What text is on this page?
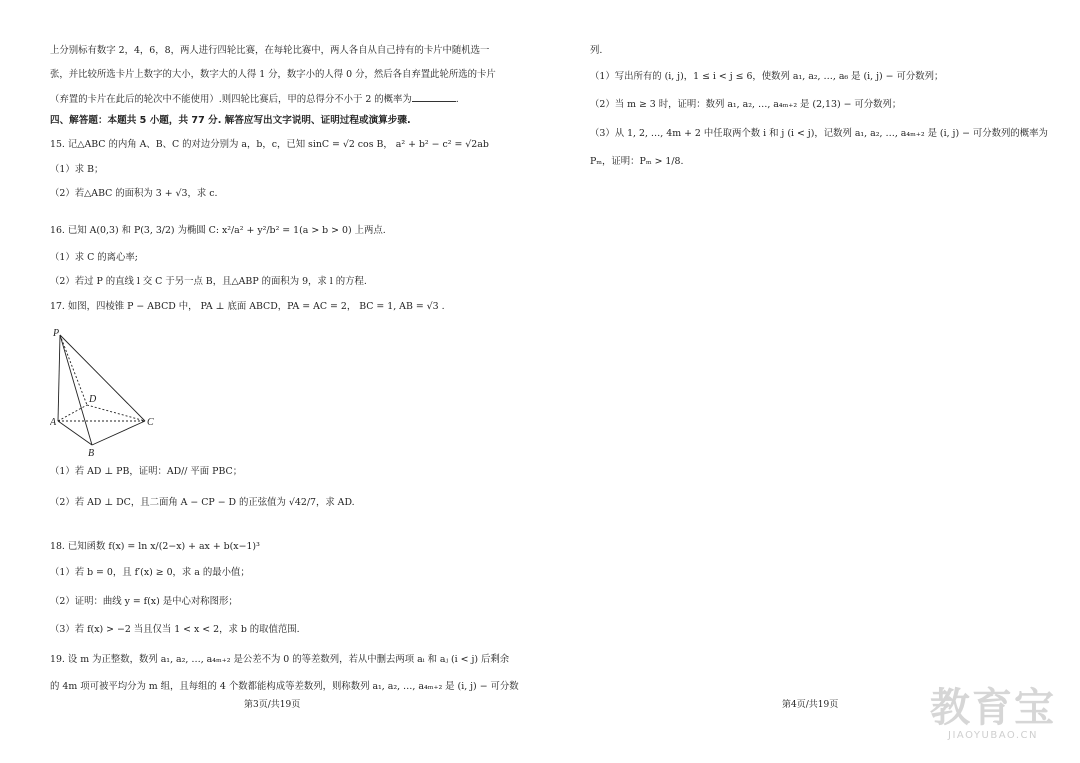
上分别标有数字 2，4，6，8，两人进行四轮比赛，在每轮比赛中，两人各自从自己持有的卡片中随机选一
张，并比较所选卡片上数字的大小，数字大的人得 1 分，数字小的人得 0 分，然后各自弃置此轮所选的卡片
（弃置的卡片在此后的轮次中不能使用）.则四轮比赛后，甲的总得分不小于 2 的概率为	.
四、解答题：本题共 5 小题，共 77 分. 解答应写出文字说明、证明过程或演算步骤.
15. 记△ABC 的内角 A、B、C 的对边分别为 a，b，c，已知 sinC = √2 cos B， a² + b² − c² = √2ab
（1）求 B；
（2）若△ABC 的面积为 3 + √3，求 c.
16. 已知 A(0,3) 和 P(3, 3/2) 为椭圆 C: x²/a² + y²/b² = 1(a > b > 0) 上两点.
（1）求 C 的离心率;
（2）若过 P 的直线 l 交 C 于另一点 B，且△ABP 的面积为 9，求 l 的方程.
17. 如图，四棱锥 P − ABCD 中， PA ⊥ 底面 ABCD，PA = AC = 2， BC = 1, AB = √3 .
P
D
A
B
C
（1）若 AD ⊥ PB，证明：AD// 平面 PBC；
（2）若 AD ⊥ DC，且二面角 A − CP − D 的正弦值为 √42/7，求 AD.
18. 已知函数 f(x) = ln x/(2−x) + ax + b(x−1)³
（1）若 b = 0，且 f′(x) ≥ 0，求 a 的最小值；
（2）证明：曲线 y = f(x) 是中心对称图形；
（3）若 f(x) > −2 当且仅当 1 < x < 2，求 b 的取值范围.
19. 设 m 为正整数，数列 a₁, a₂, …, a₄ₘ₊₂ 是公差不为 0 的等差数列，若从中删去两项 aᵢ 和 aⱼ (i < j) 后剩余
的 4m 项可被平均分为 m 组，且每组的 4 个数都能构成等差数列，则称数列 a₁, a₂, …, a₄ₘ₊₂ 是 (i, j) − 可分数
第3页/共19页
列.
（1）写出所有的 (i, j)，1 ≤ i < j ≤ 6，使数列 a₁, a₂, …, a₆ 是 (i, j) − 可分数列；
（2）当 m ≥ 3 时，证明：数列 a₁, a₂, …, a₄ₘ₊₂ 是 (2,13) − 可分数列；
（3）从 1, 2, …, 4m + 2 中任取两个数 i 和 j (i < j)，记数列 a₁, a₂, …, a₄ₘ₊₂ 是 (i, j) − 可分数列的概率为
Pₘ，证明：Pₘ > 1/8.
第4页/共19页 教育宝
JIAOYUBAO.CN
